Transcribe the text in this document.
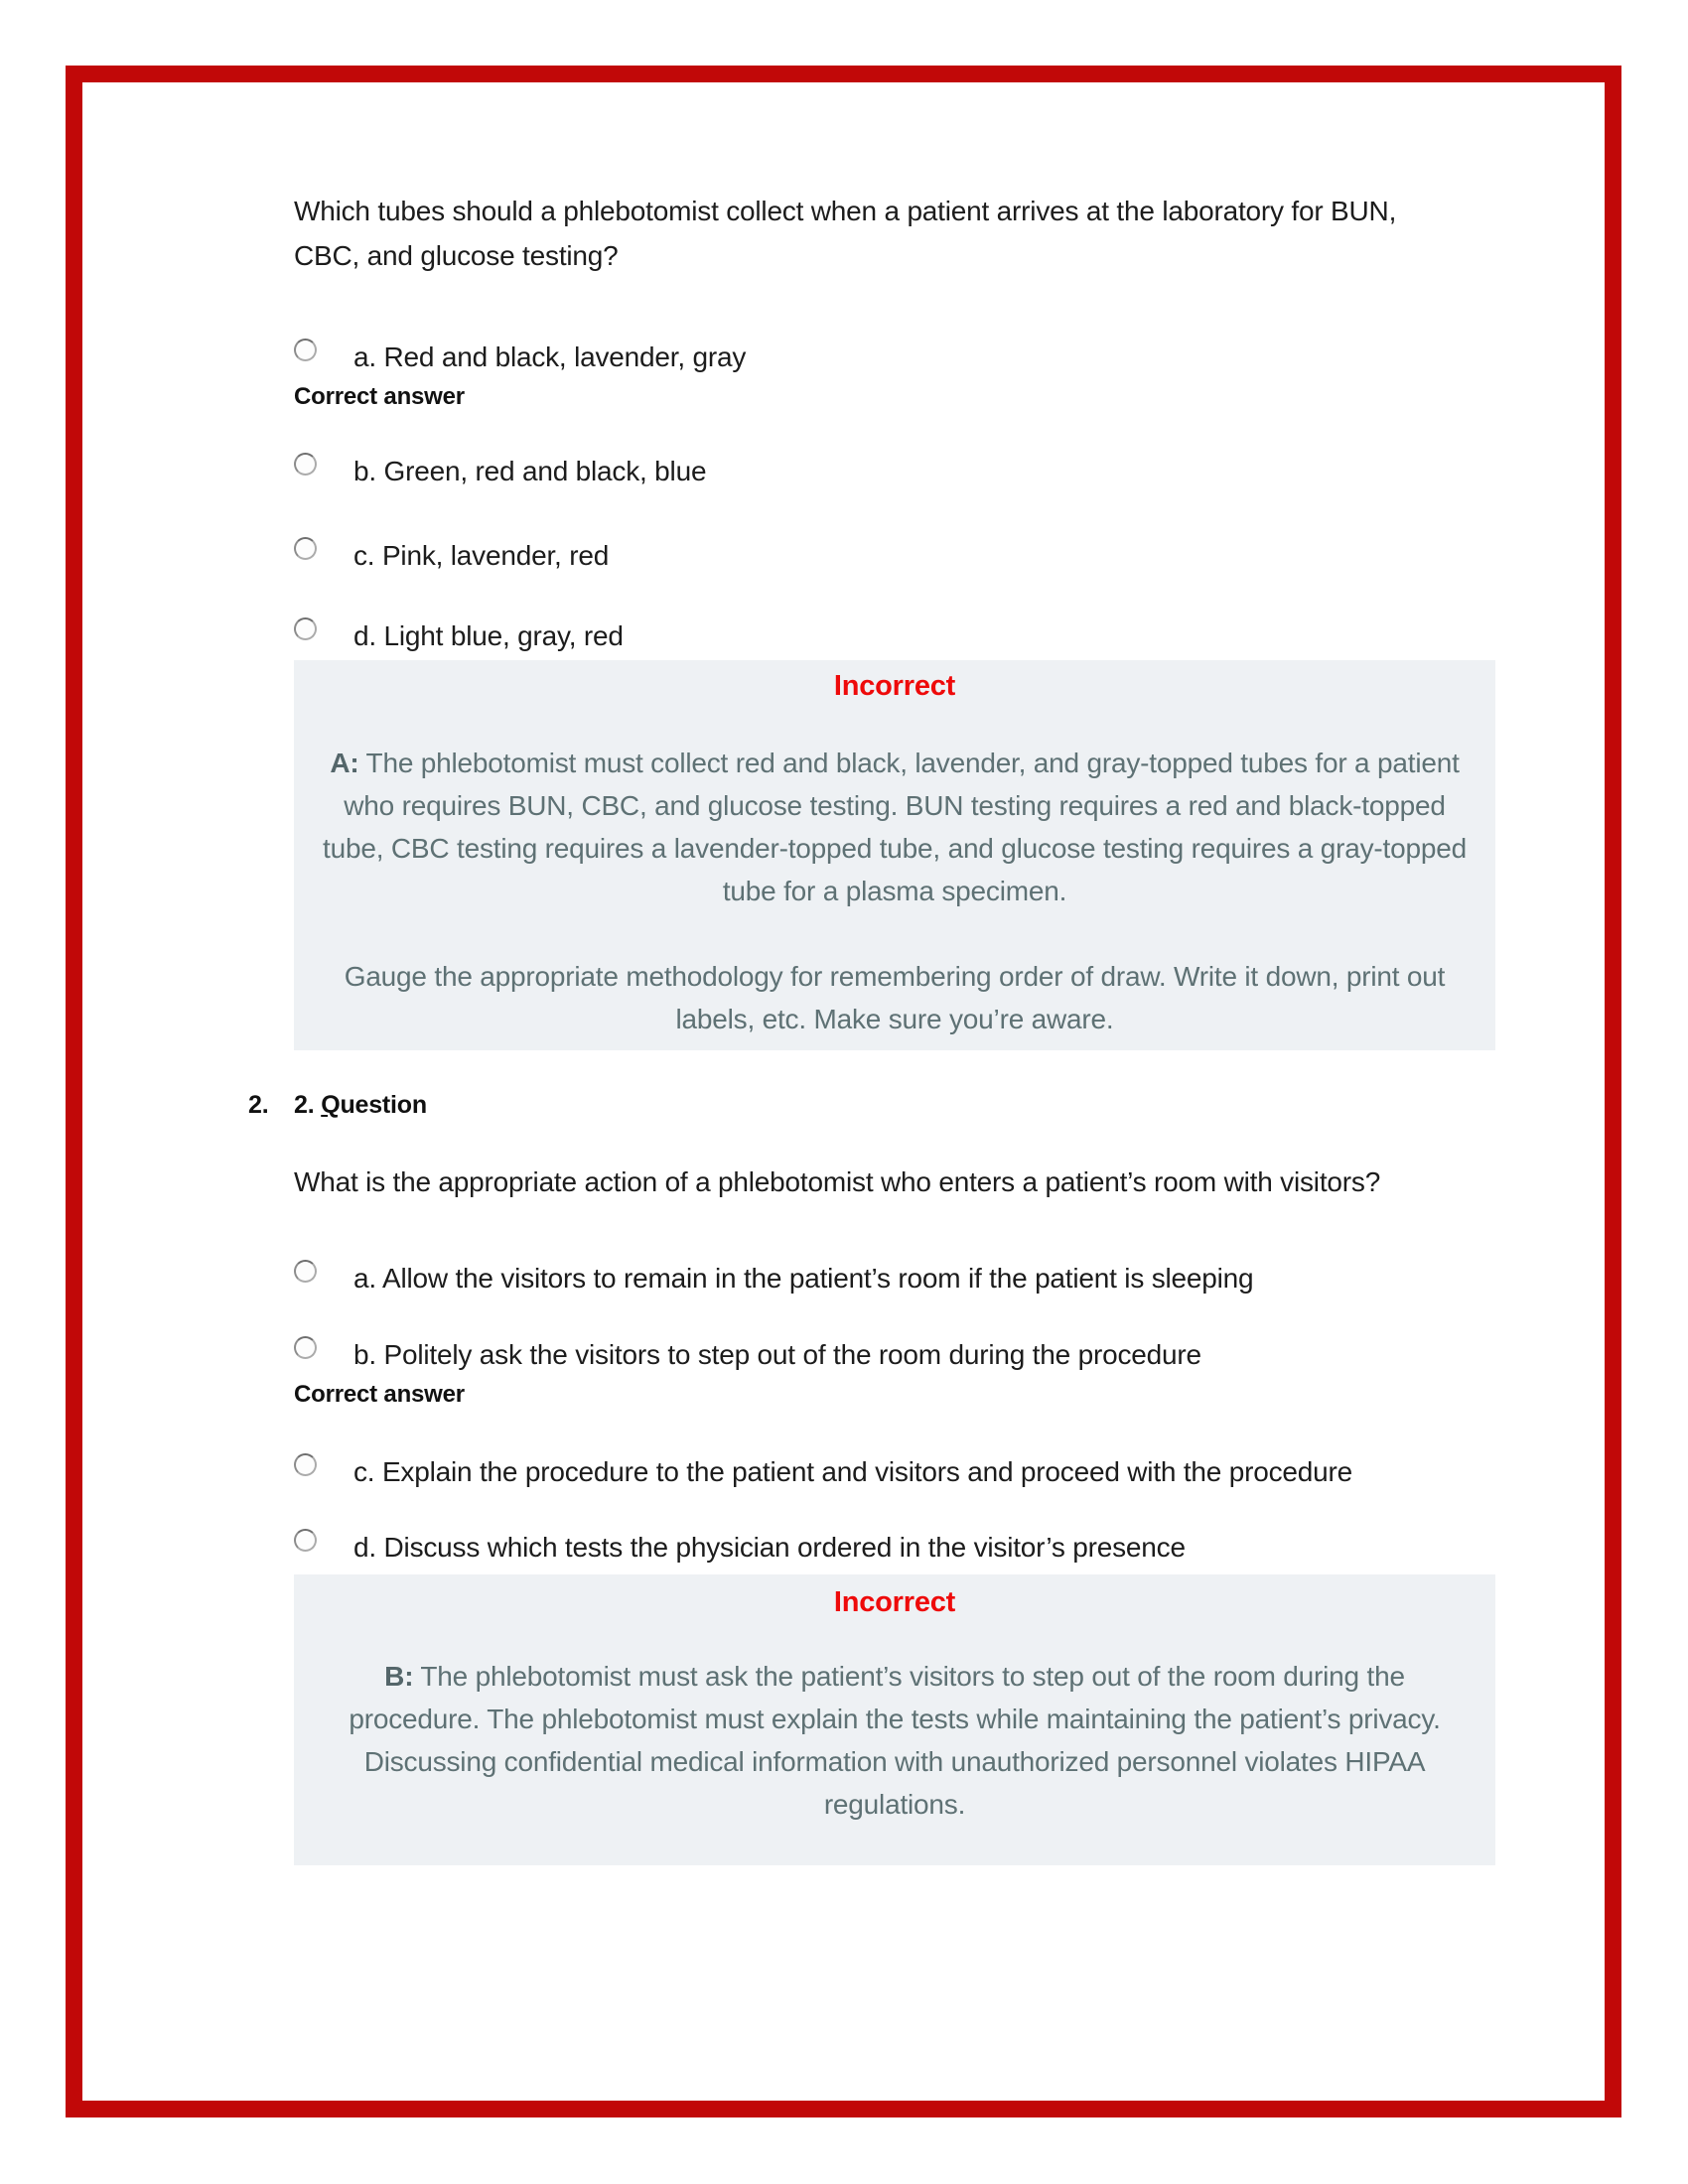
Which tubes should a phlebotomist collect when a patient arrives at the laboratory for BUN, CBC, and glucose testing?

a. Red and black, lavender, gray
Correct answer
b. Green, red and black, blue
c. Pink, lavender, red
d. Light blue, gray, red
Incorrect

A: The phlebotomist must collect red and black, lavender, and gray-topped tubes for a patient who requires BUN, CBC, and glucose testing. BUN testing requires a red and black-topped tube, CBC testing requires a lavender-topped tube, and glucose testing requires a gray-topped tube for a plasma specimen.

Gauge the appropriate methodology for remembering order of draw. Write it down, print out labels, etc. Make sure you’re aware.

2. 2. Question

What is the appropriate action of a phlebotomist who enters a patient’s room with visitors?

a. Allow the visitors to remain in the patient’s room if the patient is sleeping
b. Politely ask the visitors to step out of the room during the procedure
Correct answer
c. Explain the procedure to the patient and visitors and proceed with the procedure
d. Discuss which tests the physician ordered in the visitor’s presence
Incorrect

B: The phlebotomist must ask the patient’s visitors to step out of the room during the procedure. The phlebotomist must explain the tests while maintaining the patient’s privacy. Discussing confidential medical information with unauthorized personnel violates HIPAA regulations.
